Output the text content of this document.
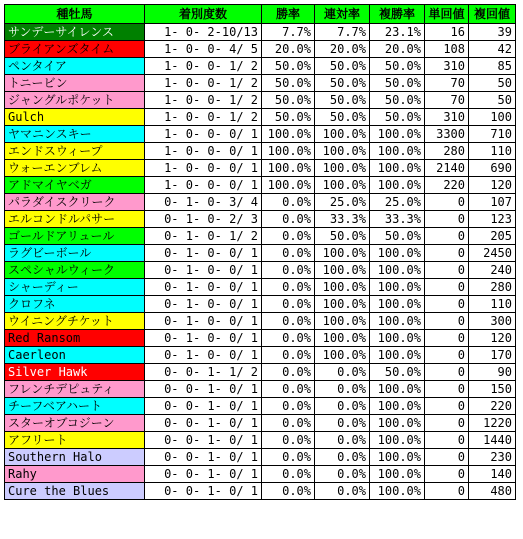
種牡馬	着別度数	勝率	連対率	複勝率	単回値	複回値
サンデーサイレンス	1- 0- 2-10/13	7.7%	7.7%	23.1%	16	39
ブライアンズタイム	1- 0- 0- 4/ 5	20.0%	20.0%	20.0%	108	42
ペンタイア	1- 0- 0- 1/ 2	50.0%	50.0%	50.0%	310	85
トニービン	1- 0- 0- 1/ 2	50.0%	50.0%	50.0%	70	50
ジャングルポケット	1- 0- 0- 1/ 2	50.0%	50.0%	50.0%	70	50
Gulch	1- 0- 0- 1/ 2	50.0%	50.0%	50.0%	310	100
ヤマニンスキー	1- 0- 0- 0/ 1	100.0%	100.0%	100.0%	3300	710
エンドスウィープ	1- 0- 0- 0/ 1	100.0%	100.0%	100.0%	280	110
ウォーエンブレム	1- 0- 0- 0/ 1	100.0%	100.0%	100.0%	2140	690
アドマイヤベガ	1- 0- 0- 0/ 1	100.0%	100.0%	100.0%	220	120
パラダイスクリーク	0- 1- 0- 3/ 4	0.0%	25.0%	25.0%	0	107
エルコンドルパサー	0- 1- 0- 2/ 3	0.0%	33.3%	33.3%	0	123
ゴールドアリュール	0- 1- 0- 1/ 2	0.0%	50.0%	50.0%	0	205
ラグビーボール	0- 1- 0- 0/ 1	0.0%	100.0%	100.0%	0	2450
スペシャルウィーク	0- 1- 0- 0/ 1	0.0%	100.0%	100.0%	0	240
シャーディー	0- 1- 0- 0/ 1	0.0%	100.0%	100.0%	0	280
クロフネ	0- 1- 0- 0/ 1	0.0%	100.0%	100.0%	0	110
ウイニングチケット	0- 1- 0- 0/ 1	0.0%	100.0%	100.0%	0	300
Red Ransom	0- 1- 0- 0/ 1	0.0%	100.0%	100.0%	0	120
Caerleon	0- 1- 0- 0/ 1	0.0%	100.0%	100.0%	0	170
Silver Hawk	0- 0- 1- 1/ 2	0.0%	0.0%	50.0%	0	90
フレンチデピュティ	0- 0- 1- 0/ 1	0.0%	0.0%	100.0%	0	150
チーフベアハート	0- 0- 1- 0/ 1	0.0%	0.0%	100.0%	0	220
スターオブコジーン	0- 0- 1- 0/ 1	0.0%	0.0%	100.0%	0	1220
アフリート	0- 0- 1- 0/ 1	0.0%	0.0%	100.0%	0	1440
Southern Halo	0- 0- 1- 0/ 1	0.0%	0.0%	100.0%	0	230
Rahy	0- 0- 1- 0/ 1	0.0%	0.0%	100.0%	0	140
Cure the Blues	0- 0- 1- 0/ 1	0.0%	0.0%	100.0%	0	480
